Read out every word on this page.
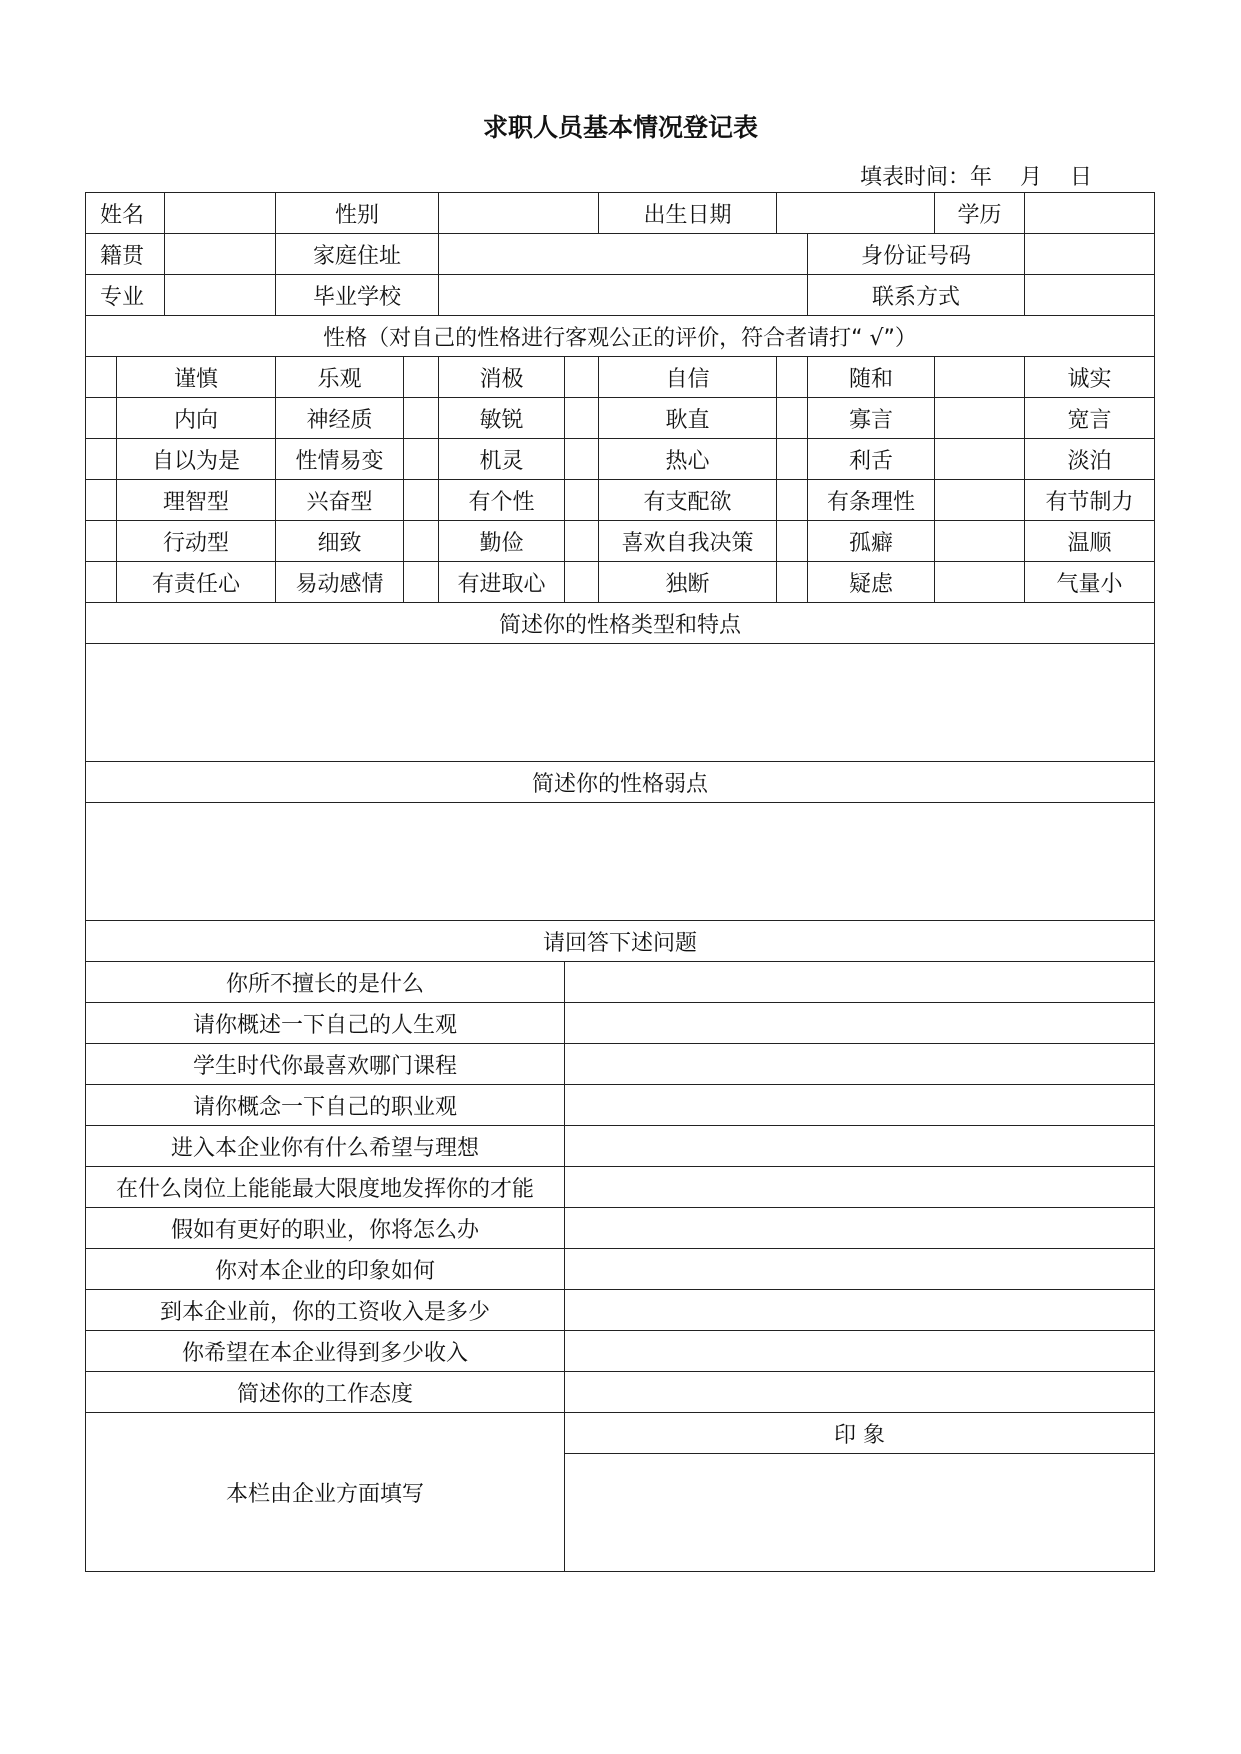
求职人员基本情况登记表
填表时间：年    月    日
姓名			性别				出生日期			学历	
籍贯			家庭住址						身份证号码		
专业			毕业学校						联系方式		
性格（对自己的性格进行客观公正的评价，符合者请打“ √”）											
	谨慎		乐观		消极		自信		随和		诚实
	内向		神经质		敏锐		耿直		寡言		宽言
	自以为是		性情易变		机灵		热心		利舌		淡泊
	理智型		兴奋型		有个性		有支配欲		有条理性		有节制力
	行动型		细致		勤俭		喜欢自我决策		孤癖		温顺
	有责任心		易动感情		有进取心		独断		疑虑		气量小
简述你的性格类型和特点											

简述你的性格弱点											

请回答下述问题											
你所不擅长的是什么											
请你概述一下自己的人生观											
学生时代你最喜欢哪门课程											
请你概念一下自己的职业观											
进入本企业你有什么希望与理想											
在什么岗位上能能最大限度地发挥你的才能											
假如有更好的职业，你将怎么办											
你对本企业的印象如何											
到本企业前，你的工资收入是多少											
你希望在本企业得到多少收入											
简述你的工作态度											
本栏由企业方面填写						印 象					
